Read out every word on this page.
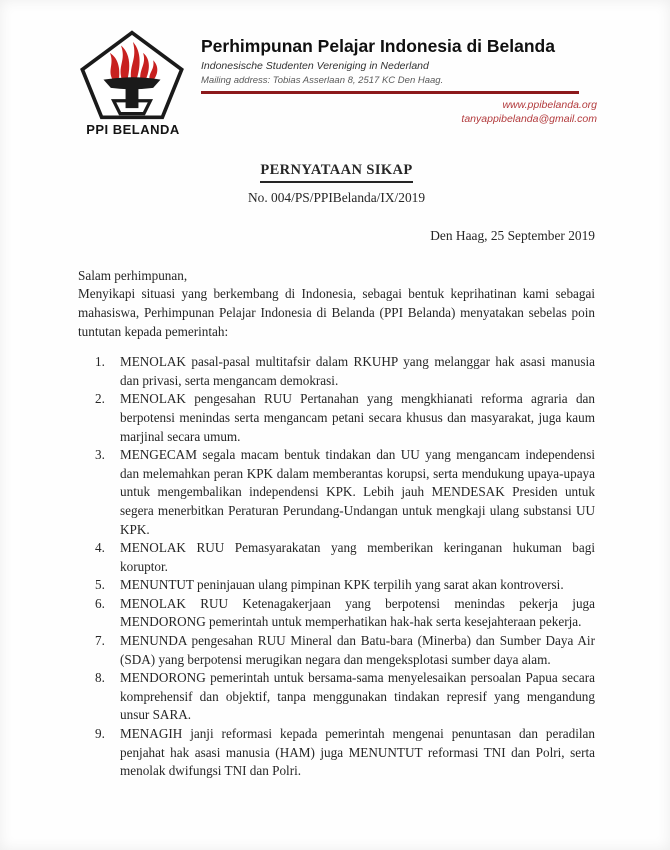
PPI BELANDA
Perhimpunan Pelajar Indonesia di Belanda
Indonesische Studenten Vereniging in Nederland
Mailing address: Tobias Asserlaan 8, 2517 KC Den Haag.
www.ppibelanda.org
tanyappibelanda@gmail.com
PERNYATAAN SIKAP
No. 004/PS/PPIBelanda/IX/2019
Den Haag, 25 September 2019

Salam perhimpunan,

Menyikapi situasi yang berkembang di Indonesia, sebagai bentuk keprihatinan kami sebagai mahasiswa, Perhimpunan Pelajar Indonesia di Belanda (PPI Belanda) menyatakan sebelas poin tuntutan kepada pemerintah:

1.	MENOLAK pasal-pasal multitafsir dalam RKUHP yang melanggar hak asasi manusia dan privasi, serta mengancam demokrasi.
2.	MENOLAK pengesahan RUU Pertanahan yang mengkhianati reforma agraria dan berpotensi menindas serta mengancam petani secara khusus dan masyarakat, juga kaum marjinal secara umum.
3.	MENGECAM segala macam bentuk tindakan dan UU yang mengancam independensi dan melemahkan peran KPK dalam memberantas korupsi, serta mendukung upaya-upaya untuk mengembalikan independensi KPK. Lebih jauh MENDESAK Presiden untuk segera menerbitkan Peraturan Perundang-Undangan untuk mengkaji ulang substansi UU KPK.
4.	MENOLAK RUU Pemasyarakatan yang memberikan keringanan hukuman bagi koruptor.
5.	MENUNTUT peninjauan ulang pimpinan KPK terpilih yang sarat akan kontroversi.
6.	MENOLAK RUU Ketenagakerjaan yang berpotensi menindas pekerja juga MENDORONG pemerintah untuk memperhatikan hak-hak serta kesejahteraan pekerja.
7.	MENUNDA pengesahan RUU Mineral dan Batu-bara (Minerba) dan Sumber Daya Air (SDA) yang berpotensi merugikan negara dan mengeksplotasi sumber daya alam.
8.	MENDORONG pemerintah untuk bersama-sama menyelesaikan persoalan Papua secara komprehensif dan objektif, tanpa menggunakan tindakan represif yang mengandung unsur SARA.
9.	MENAGIH janji reformasi kepada pemerintah mengenai penuntasan dan peradilan penjahat hak asasi manusia (HAM) juga MENUNTUT reformasi TNI dan Polri, serta menolak dwifungsi TNI dan Polri.
